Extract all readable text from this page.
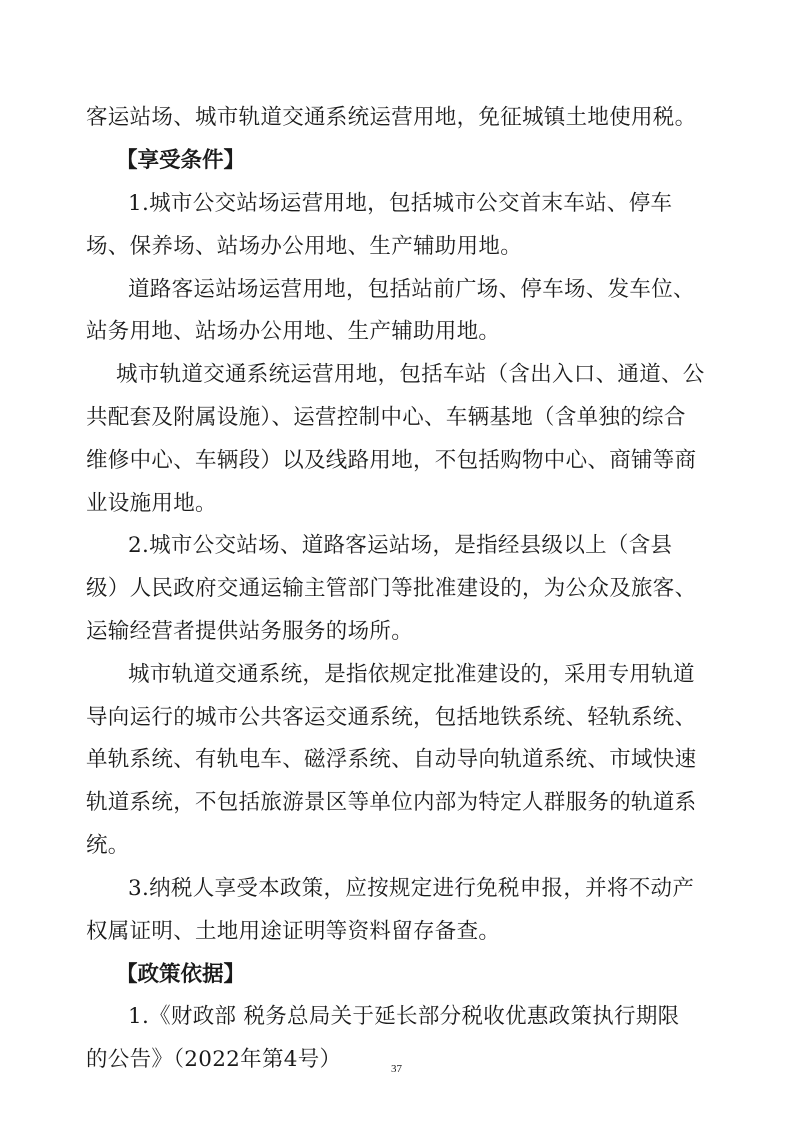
客运站场、城市轨道交通系统运营用地，免征城镇土地使用税。
【享受条件】
1.城市公交站场运营用地，包括城市公交首末车站、停车
场、保养场、站场办公用地、生产辅助用地。
道路客运站场运营用地，包括站前广场、停车场、发车位、
站务用地、站场办公用地、生产辅助用地。
城市轨道交通系统运营用地，包括车站（含出入口、通道、公
共配套及附属设施）、运营控制中心、车辆基地（含单独的综合
维修中心、车辆段）以及线路用地，不包括购物中心、商铺等商
业设施用地。
2.城市公交站场、道路客运站场，是指经县级以上（含县
级）人民政府交通运输主管部门等批准建设的，为公众及旅客、
运输经营者提供站务服务的场所。
城市轨道交通系统，是指依规定批准建设的，采用专用轨道
导向运行的城市公共客运交通系统，包括地铁系统、轻轨系统、
单轨系统、有轨电车、磁浮系统、自动导向轨道系统、市域快速
轨道系统，不包括旅游景区等单位内部为特定人群服务的轨道系
统。
3.纳税人享受本政策，应按规定进行免税申报，并将不动产
权属证明、土地用途证明等资料留存备查。
【政策依据】
1.《财政部 税务总局关于延长部分税收优惠政策执行期限
的公告》（2022年第4号）	37
